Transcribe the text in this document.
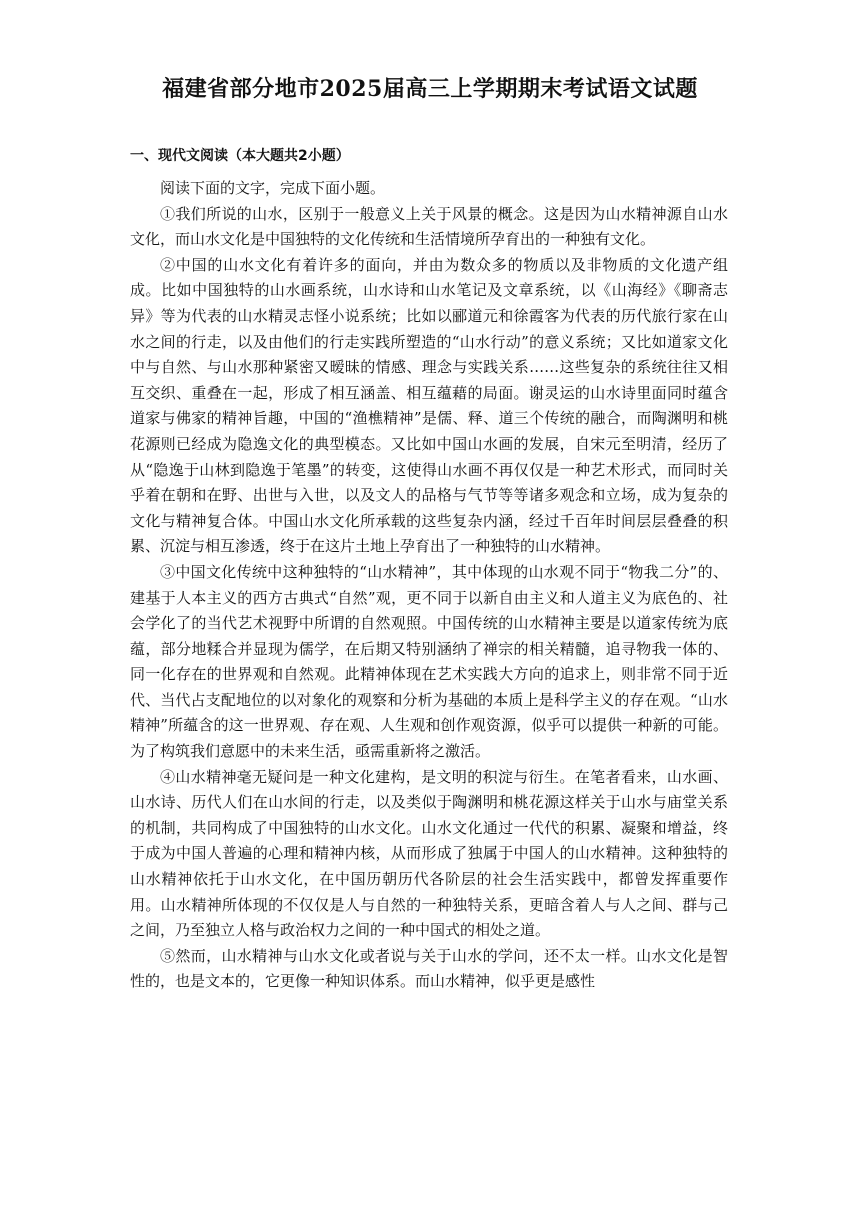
福建省部分地市2025届高三上学期期末考试语文试题
一、现代文阅读（本大题共2小题）

阅读下面的文字，完成下面小题。

①我们所说的山水，区别于一般意义上关于风景的概念。这是因为山水精神源自山水文化，而山水文化是中国独特的文化传统和生活情境所孕育出的一种独有文化。

②中国的山水文化有着许多的面向，并由为数众多的物质以及非物质的文化遗产组成。比如中国独特的山水画系统，山水诗和山水笔记及文章系统，以《山海经》《聊斋志异》等为代表的山水精灵志怪小说系统；比如以郦道元和徐霞客为代表的历代旅行家在山水之间的行走，以及由他们的行走实践所塑造的“山水行动”的意义系统；又比如道家文化中与自然、与山水那种紧密又暧昧的情感、理念与实践关系……这些复杂的系统往往又相互交织、重叠在一起，形成了相互涵盖、相互蕴藉的局面。谢灵运的山水诗里面同时蕴含道家与佛家的精神旨趣，中国的“渔樵精神”是儒、释、道三个传统的融合，而陶渊明和桃花源则已经成为隐逸文化的典型模态。又比如中国山水画的发展，自宋元至明清，经历了从“隐逸于山林到隐逸于笔墨”的转变，这使得山水画不再仅仅是一种艺术形式，而同时关乎着在朝和在野、出世与入世，以及文人的品格与气节等等诸多观念和立场，成为复杂的文化与精神复合体。中国山水文化所承载的这些复杂内涵，经过千百年时间层层叠叠的积累、沉淀与相互渗透，终于在这片土地上孕育出了一种独特的山水精神。

③中国文化传统中这种独特的“山水精神”，其中体现的山水观不同于“物我二分”的、建基于人本主义的西方古典式“自然”观，更不同于以新自由主义和人道主义为底色的、社会学化了的当代艺术视野中所谓的自然观照。中国传统的山水精神主要是以道家传统为底蕴，部分地糅合并显现为儒学，在后期又特别涵纳了禅宗的相关精髓，追寻物我一体的、同一化存在的世界观和自然观。此精神体现在艺术实践大方向的追求上，则非常不同于近代、当代占支配地位的以对象化的观察和分析为基础的本质上是科学主义的存在观。“山水精神”所蕴含的这一世界观、存在观、人生观和创作观资源，似乎可以提供一种新的可能。为了构筑我们意愿中的未来生活，亟需重新将之激活。

④山水精神毫无疑问是一种文化建构，是文明的积淀与衍生。在笔者看来，山水画、山水诗、历代人们在山水间的行走，以及类似于陶渊明和桃花源这样关于山水与庙堂关系的机制，共同构成了中国独特的山水文化。山水文化通过一代代的积累、凝聚和增益，终于成为中国人普遍的心理和精神内核，从而形成了独属于中国人的山水精神。这种独特的山水精神依托于山水文化，在中国历朝历代各阶层的社会生活实践中，都曾发挥重要作用。山水精神所体现的不仅仅是人与自然的一种独特关系，更暗含着人与人之间、群与己之间，乃至独立人格与政治权力之间的一种中国式的相处之道。

⑤然而，山水精神与山水文化或者说与关于山水的学问，还不太一样。山水文化是智性的，也是文本的，它更像一种知识体系。而山水精神，似乎更是感性
